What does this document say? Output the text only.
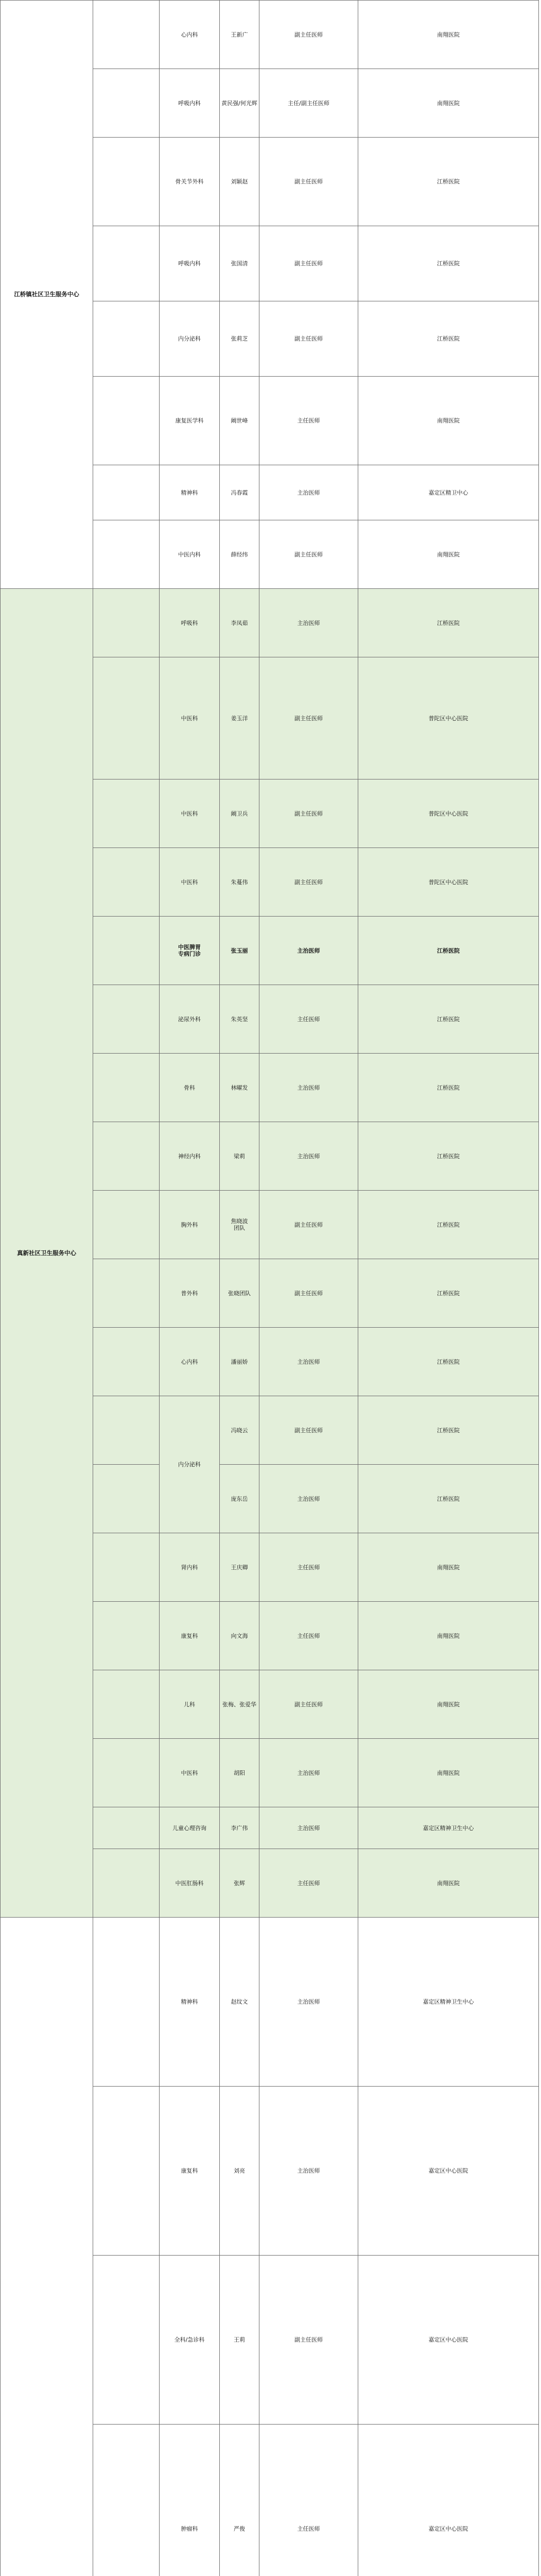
江桥镇社区卫生服务中心		心内科	王新广	副主任医师	南翔医院	
		呼吸内科	黄民强/何光辉	主任/副主任医师	南翔医院	
		骨关节外科	刘颖赵	副主任医师	江桥医院	
		呼吸内科	张国清	副主任医师	江桥医院	
		内分泌科	张莉芝	副主任医师	江桥医院	
		康复医学科	阚世峰	主任医师	南翔医院	
		精神科	冯春霞	主治医师	嘉定区精卫中心	
		中医内科	薛经纬	副主任医师	南翔医院	
真新社区卫生服务中心		呼吸科	李凤茹	主治医师	江桥医院	

		中医科	姜玉洋	副主任医师	普陀区中心医院	
		中医科	阚卫兵	副主任医师	普陀区中心医院	
		中医科	朱蔓伟	副主任医师	普陀区中心医院	
		中医脾胃
专病门诊	张玉丽	主治医师	江桥医院	
		泌尿外科	朱英坚	主任医师	江桥医院	
		骨科	林曜发	主治医师	江桥医院	
		神经内科	梁莉	主治医师	江桥医院	

		胸外科	焦晓波
团队	副主任医师	江桥医院	
		普外科	张晓团队	副主任医师	江桥医院	
		心内科	潘丽娇	主治医师	江桥医院	

		内分泌科	冯晓云	副主任医师	江桥医院	

			庞东岳	主治医师	江桥医院	
		肾内科	王庆卿	主任医师	南翔医院	
		康复科	向文海	主任医师	南翔医院	

		儿科	张梅、张爱华	副主任医师	南翔医院	
		中医科	胡阳	主治医师	南翔医院	
		儿童心理咨询	李广伟	主治医师	嘉定区精神卫生中心	
		中医肛肠科	张辉	主任医师	南翔医院	
		精神科	赵纹文	主治医师	嘉定区精神卫生中心	

		康复科	刘亮	主治医师	嘉定区中心医院	

		全科/急诊科	王莉	副主任医师	嘉定区中心医院	

		肿瘤科	严俊	主任医师	嘉定区中心医院	
